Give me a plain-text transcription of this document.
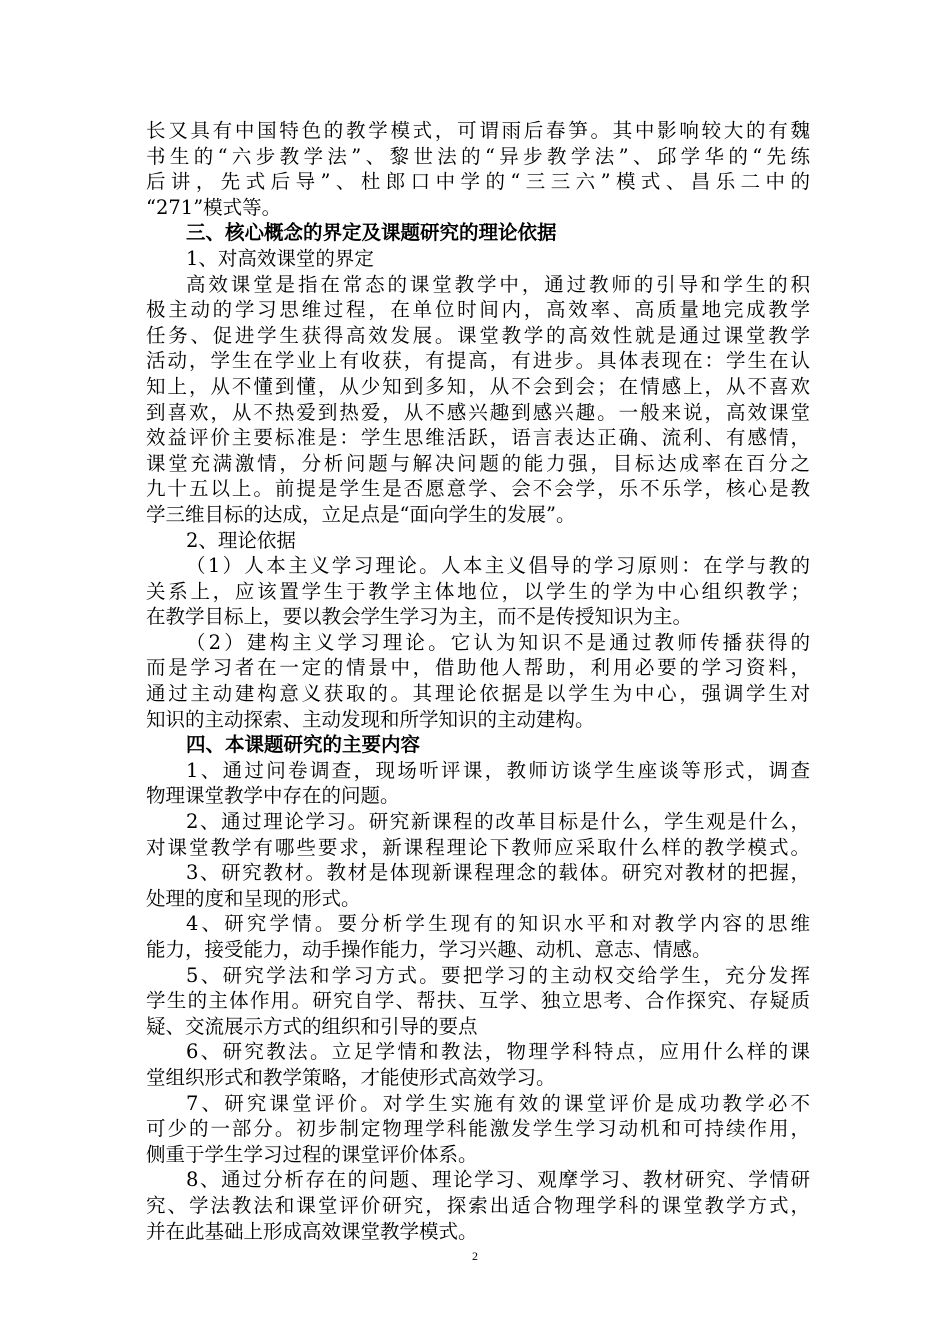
长又具有中国特色的教学模式，可谓雨后春笋。其中影响较大的有魏
书生的“六步教学法”、黎世法的“异步教学法”、邱学华的“先练
后讲，先式后导”、杜郎口中学的“三三六”模式、昌乐二中的
“271”模式等。
三、核心概念的界定及课题研究的理论依据
1、对高效课堂的界定
高效课堂是指在常态的课堂教学中，通过教师的引导和学生的积
极主动的学习思维过程，在单位时间内，高效率、高质量地完成教学
任务、促进学生获得高效发展。课堂教学的高效性就是通过课堂教学
活动，学生在学业上有收获，有提高，有进步。具体表现在：学生在认
知上，从不懂到懂，从少知到多知，从不会到会；在情感上，从不喜欢
到喜欢，从不热爱到热爱，从不感兴趣到感兴趣。一般来说，高效课堂
效益评价主要标准是：学生思维活跃，语言表达正确、流利、有感情，
课堂充满激情，分析问题与解决问题的能力强，目标达成率在百分之
九十五以上。前提是学生是否愿意学、会不会学，乐不乐学，核心是教
学三维目标的达成，立足点是“面向学生的发展”。
2、理论依据
（1）人本主义学习理论。人本主义倡导的学习原则：在学与教的
关系上，应该置学生于教学主体地位，以学生的学为中心组织教学；
在教学目标上，要以教会学生学习为主，而不是传授知识为主。
（2）建构主义学习理论。它认为知识不是通过教师传播获得的
而是学习者在一定的情景中，借助他人帮助，利用必要的学习资料，
通过主动建构意义获取的。其理论依据是以学生为中心，强调学生对
知识的主动探索、主动发现和所学知识的主动建构。
四、本课题研究的主要内容
1、通过问卷调查，现场听评课，教师访谈学生座谈等形式，调查
物理课堂教学中存在的问题。
2、通过理论学习。研究新课程的改革目标是什么，学生观是什么，
对课堂教学有哪些要求，新课程理论下教师应采取什么样的教学模式。
3、研究教材。教材是体现新课程理念的载体。研究对教材的把握，
处理的度和呈现的形式。
4、研究学情。要分析学生现有的知识水平和对教学内容的思维
能力，接受能力，动手操作能力，学习兴趣、动机、意志、情感。
5、研究学法和学习方式。要把学习的主动权交给学生，充分发挥
学生的主体作用。研究自学、帮扶、互学、独立思考、合作探究、存疑质
疑、交流展示方式的组织和引导的要点
6、研究教法。立足学情和教法，物理学科特点，应用什么样的课
堂组织形式和教学策略，才能使形式高效学习。
7、研究课堂评价。对学生实施有效的课堂评价是成功教学必不
可少的一部分。初步制定物理学科能激发学生学习动机和可持续作用，
侧重于学生学习过程的课堂评价体系。
8、通过分析存在的问题、理论学习、观摩学习、教材研究、学情研
究、学法教法和课堂评价研究，探索出适合物理学科的课堂教学方式，
并在此基础上形成高效课堂教学模式。
2
